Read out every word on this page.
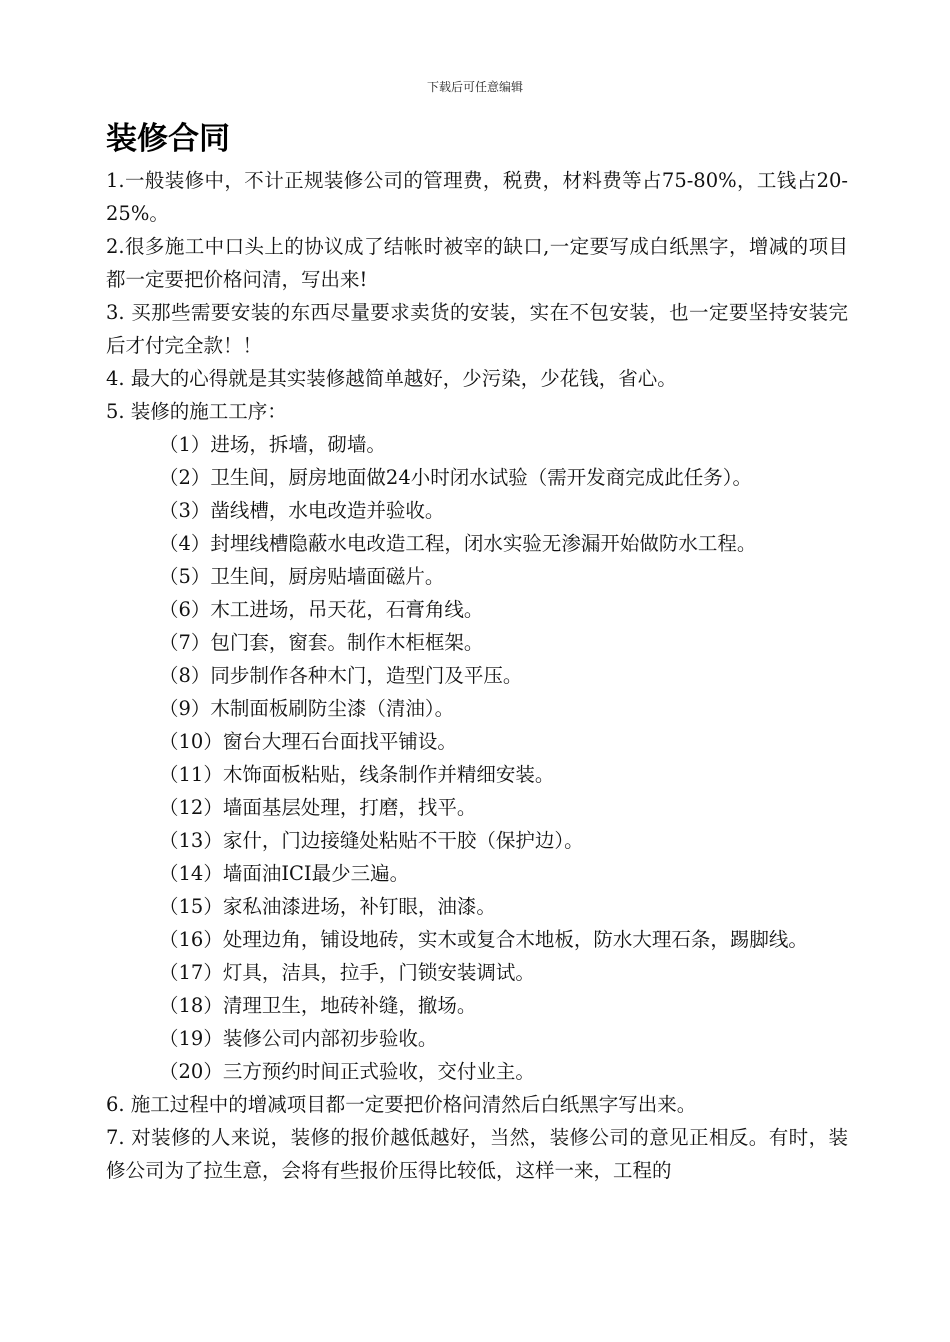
下载后可任意编辑
装修合同

1.一般装修中，不计正规装修公司的管理费，税费，材料费等占75-80%，工钱占20-25%。

2.很多施工中口头上的协议成了结帐时被宰的缺口,一定要写成白纸黑字，增减的项目都一定要把价格问清，写出来!

3. 买那些需要安装的东西尽量要求卖货的安装，实在不包安装，也一定要坚持安装完后才付完全款！！

4. 最大的心得就是其实装修越简单越好，少污染，少花钱，省心。

5. 装修的施工工序：

（1）进场，拆墙，砌墙。

（2）卫生间，厨房地面做24小时闭水试验（需开发商完成此任务）。

（3）凿线槽，水电改造并验收。

（4）封埋线槽隐蔽水电改造工程，闭水实验无渗漏开始做防水工程。

（5）卫生间，厨房贴墙面磁片。

（6）木工进场，吊天花，石膏角线。

（7）包门套，窗套。制作木柜框架。

（8）同步制作各种木门，造型门及平压。

（9）木制面板刷防尘漆（清油）。

（10）窗台大理石台面找平铺设。

（11）木饰面板粘贴，线条制作并精细安装。

（12）墙面基层处理，打磨，找平。

（13）家什，门边接缝处粘贴不干胶（保护边）。

（14）墙面油ICI最少三遍。

（15）家私油漆进场，补钉眼，油漆。

（16）处理边角，铺设地砖，实木或复合木地板，防水大理石条，踢脚线。

（17）灯具，洁具，拉手，门锁安装调试。

（18）清理卫生，地砖补缝，撤场。

（19）装修公司内部初步验收。

（20）三方预约时间正式验收，交付业主。

6. 施工过程中的增减项目都一定要把价格问清然后白纸黑字写出来。

7. 对装修的人来说，装修的报价越低越好，当然，装修公司的意见正相反。有时，装修公司为了拉生意，会将有些报价压得比较低，这样一来，工程的
